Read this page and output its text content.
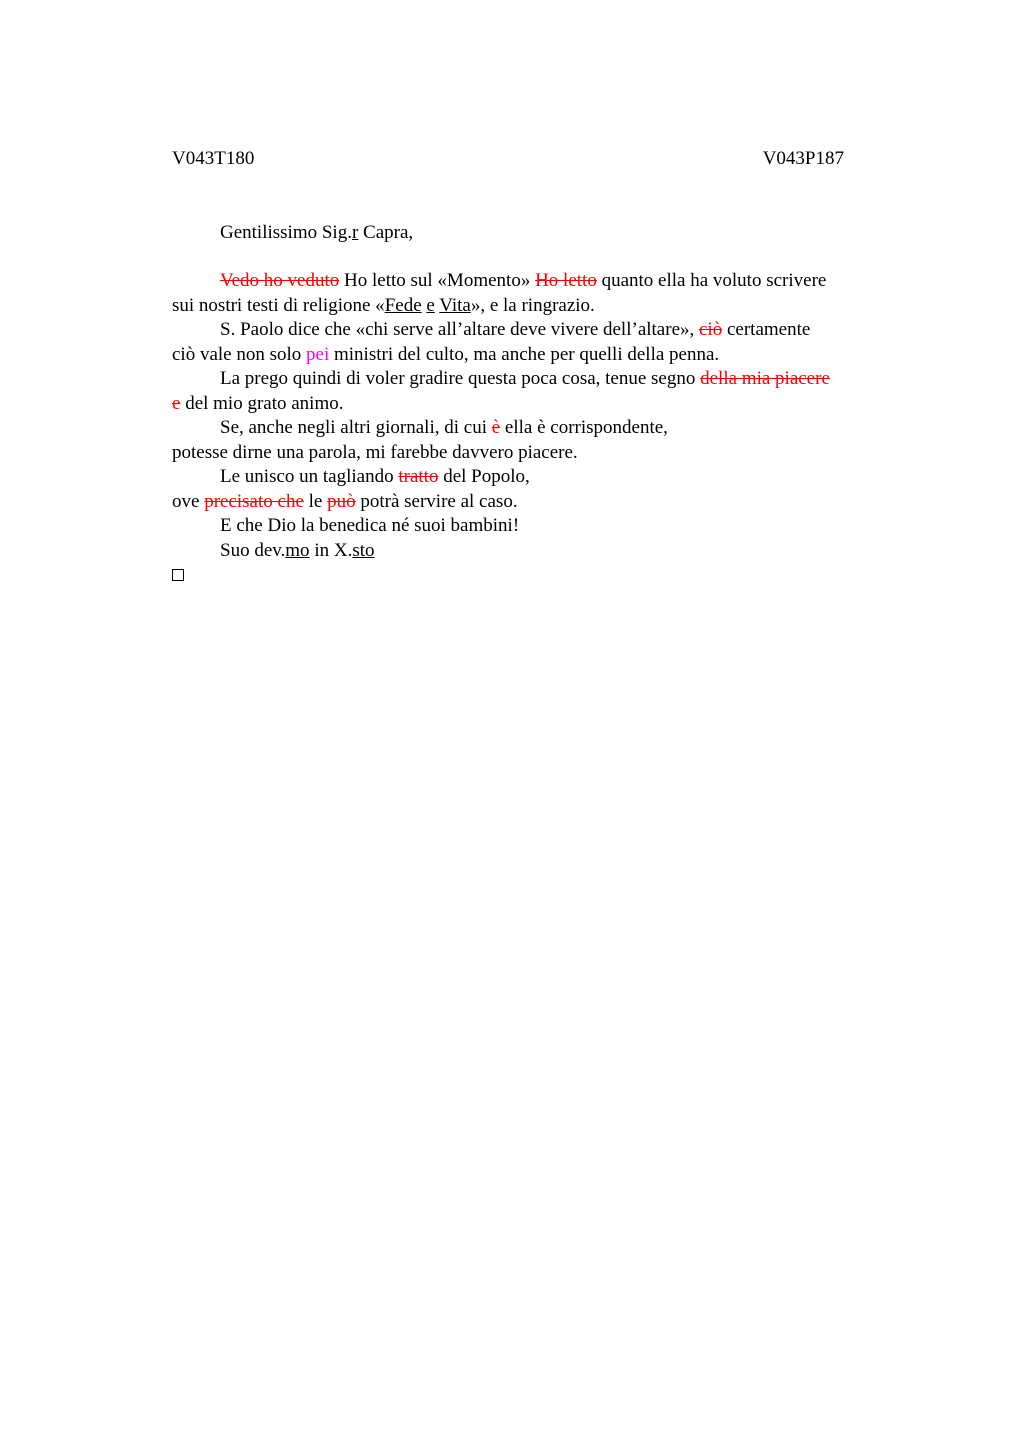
V043T180	V043P187
Gentilissimo Sig.r Capra,
Vedo ho veduto Ho letto sul «Momento» Ho letto quanto ella ha voluto scrivere
sui nostri testi di religione «Fede e Vita», e la ringrazio.
S. Paolo dice che «chi serve all’altare deve vivere dell’altare», ciò certamente
ciò vale non solo pei ministri del culto, ma anche per quelli della penna.
La prego quindi di voler gradire questa poca cosa, tenue segno della mia piacere
e del mio grato animo.
Se, anche negli altri giornali, di cui è ella è corrispondente,
potesse dirne una parola, mi farebbe davvero piacere.
Le unisco un tagliando tratto del Popolo,
ove precisato che le può potrà servire al caso.
E che Dio la benedica né suoi bambini!
Suo dev.mo in X.sto
